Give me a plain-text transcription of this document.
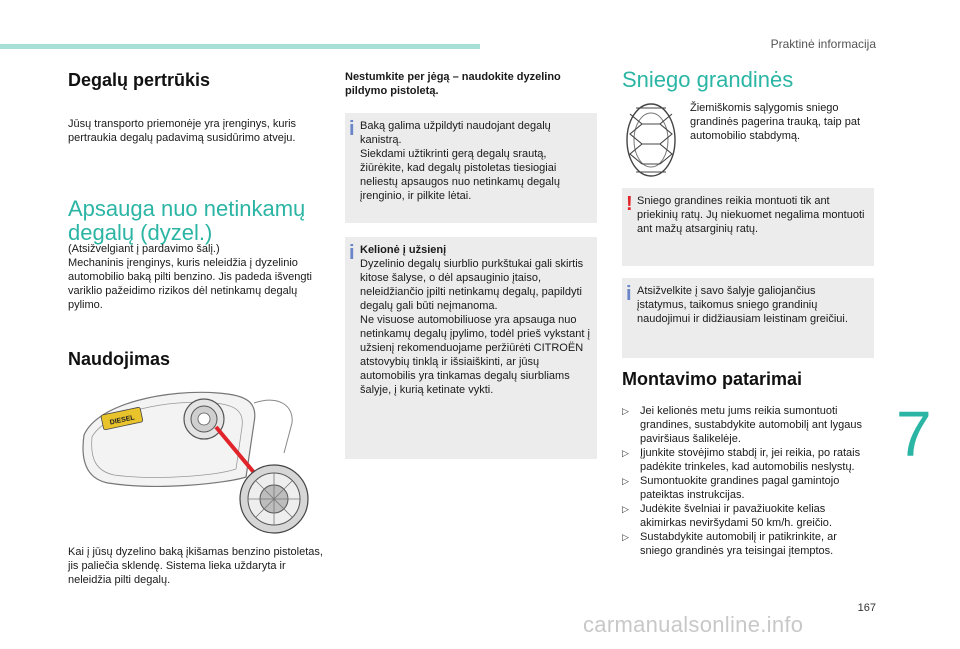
Praktinė informacija
7
167
carmanualsonline.info
Degalų pertrūkis

Jūsų transporto priemonėje yra įrenginys, kuris pertraukia degalų padavimą susidūrimo atveju.

Apsauga nuo netinkamų degalų (dyzel.)

(Atsižvelgiant į pardavimo šalį.)
Mechaninis įrenginys, kuris neleidžia į dyzelinio automobilio baką pilti benzino. Jis padeda išvengti variklio pažeidimo rizikos dėl netinkamų degalų pylimo.

Naudojimas
DIESEL

Kai į jūsų dyzelino baką įkišamas benzino pistoletas, jis paliečia sklendę. Sistema lieka uždaryta ir neleidžia pilti degalų.

Nestumkite per jėgą – naudokite dyzelino pildymo pistoletą.

i Baką galima užpildyti naudojant degalų kanistrą.
Siekdami užtikrinti gerą degalų srautą, žiūrėkite, kad degalų pistoletas tiesiogiai neliestų apsaugos nuo netinkamų degalų įrenginio, ir pilkite lėtai.
i Kelionė į užsienį
Dyzelinio degalų siurblio purkštukai gali skirtis kitose šalyse, o dėl apsauginio įtaiso, neleidžiančio įpilti netinkamų degalų, papildyti degalų gali būti neįmanoma.
Ne visuose automobiliuose yra apsauga nuo netinkamų degalų įpylimo, todėl prieš vykstant į užsienį rekomenduojame peržiūrėti CITROËN atstovybių tinklą ir išsiaiškinti, ar jūsų automobilis yra tinkamas degalų siurbliams šalyje, į kurią ketinate vykti.
Sniego grandinės

Žiemiškomis sąlygomis sniego grandinės pagerina trauką, taip pat automobilio stabdymą.

! Sniego grandines reikia montuoti tik ant priekinių ratų. Jų niekuomet negalima montuoti ant mažų atsarginių ratų.
i Atsižvelkite į savo šalyje galiojančius įstatymus, taikomus sniego grandinių naudojimui ir didžiausiam leistinam greičiui.
Montavimo patarimai
▷ Jei kelionės metu jums reikia sumontuoti grandines, sustabdykite automobilį ant lygaus paviršiaus šalikelėje.
▷ Įjunkite stovėjimo stabdį ir, jei reikia, po ratais padėkite trinkeles, kad automobilis neslystų.
▷ Sumontuokite grandines pagal gamintojo pateiktas instrukcijas.
▷ Judėkite švelniai ir pavažiuokite kelias akimirkas neviršydami 50 km/h. greičio.
▷ Sustabdykite automobilį ir patikrinkite, ar sniego grandinės yra teisingai įtemptos.
